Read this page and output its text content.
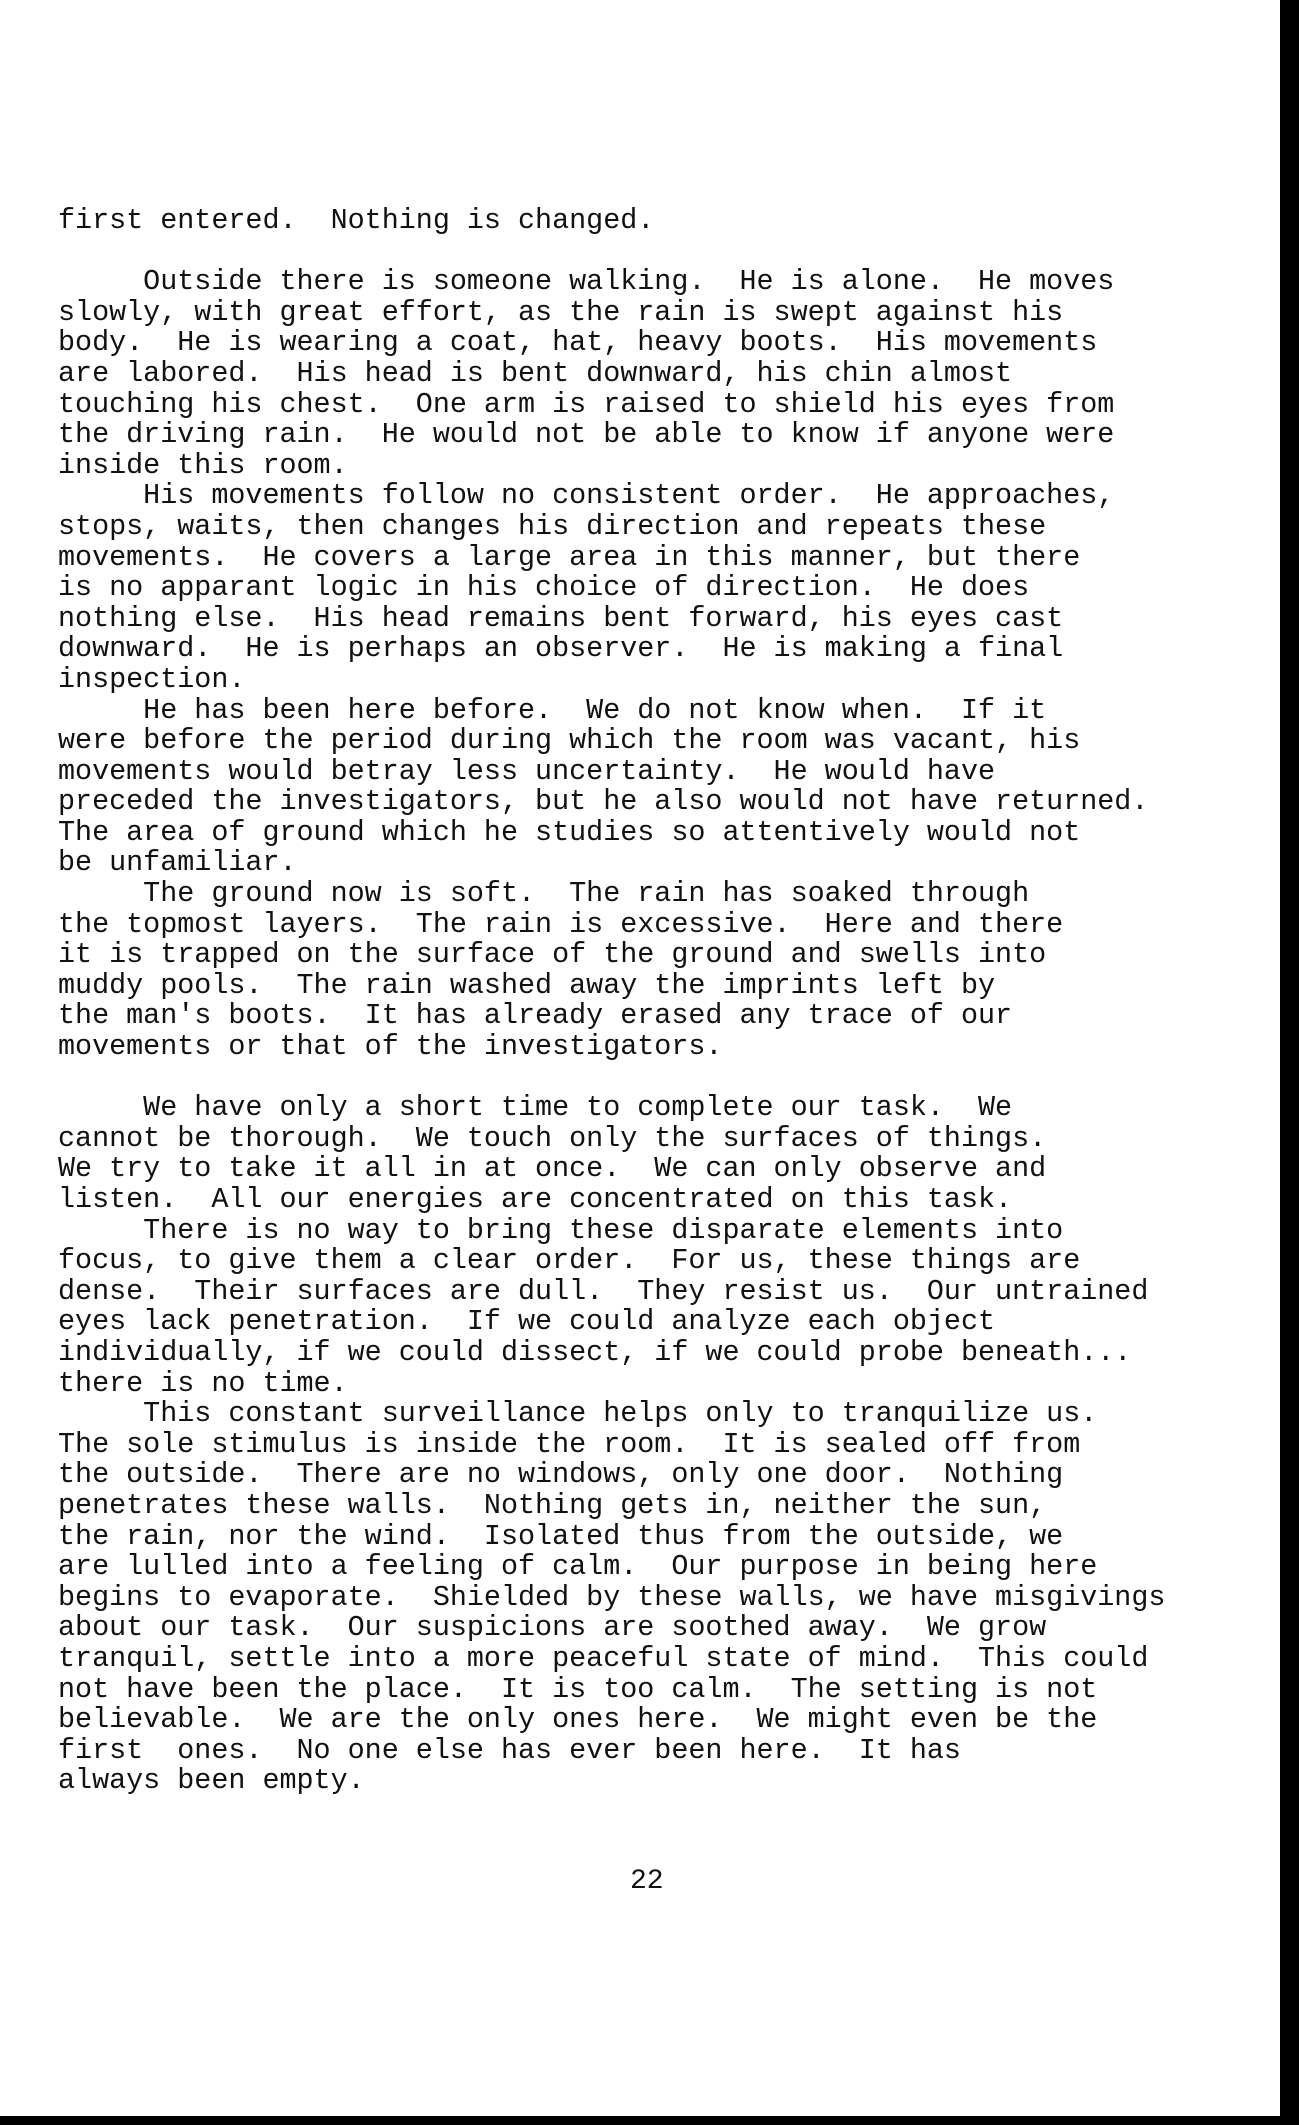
first entered.  Nothing is changed.
Outside there is someone walking.  He is alone.  He moves
slowly, with great effort, as the rain is swept against his
body.  He is wearing a coat, hat, heavy boots.  His movements
are labored.  His head is bent downward, his chin almost
touching his chest.  One arm is raised to shield his eyes from
the driving rain.  He would not be able to know if anyone were
inside this room.
His movements follow no consistent order.  He approaches,
stops, waits, then changes his direction and repeats these
movements.  He covers a large area in this manner, but there
is no apparant logic in his choice of direction.  He does
nothing else.  His head remains bent forward, his eyes cast
downward.  He is perhaps an observer.  He is making a final
inspection.
He has been here before.  We do not know when.  If it
were before the period during which the room was vacant, his
movements would betray less uncertainty.  He would have
preceded the investigators, but he also would not have returned.
The area of ground which he studies so attentively would not
be unfamiliar.
The ground now is soft.  The rain has soaked through
the topmost layers.  The rain is excessive.  Here and there
it is trapped on the surface of the ground and swells into
muddy pools.  The rain washed away the imprints left by
the man's boots.  It has already erased any trace of our
movements or that of the investigators.
We have only a short time to complete our task.  We
cannot be thorough.  We touch only the surfaces of things.
We try to take it all in at once.  We can only observe and
listen.  All our energies are concentrated on this task.
There is no way to bring these disparate elements into
focus, to give them a clear order.  For us, these things are
dense.  Their surfaces are dull.  They resist us.  Our untrained
eyes lack penetration.  If we could analyze each object
individually, if we could dissect, if we could probe beneath...
there is no time.
This constant surveillance helps only to tranquilize us.
The sole stimulus is inside the room.  It is sealed off from
the outside.  There are no windows, only one door.  Nothing
penetrates these walls.  Nothing gets in, neither the sun,
the rain, nor the wind.  Isolated thus from the outside, we
are lulled into a feeling of calm.  Our purpose in being here
begins to evaporate.  Shielded by these walls, we have misgivings
about our task.  Our suspicions are soothed away.  We grow
tranquil, settle into a more peaceful state of mind.  This could
not have been the place.  It is too calm.  The setting is not
believable.  We are the only ones here.  We might even be the
first  ones.  No one else has ever been here.  It has
always been empty.
22
